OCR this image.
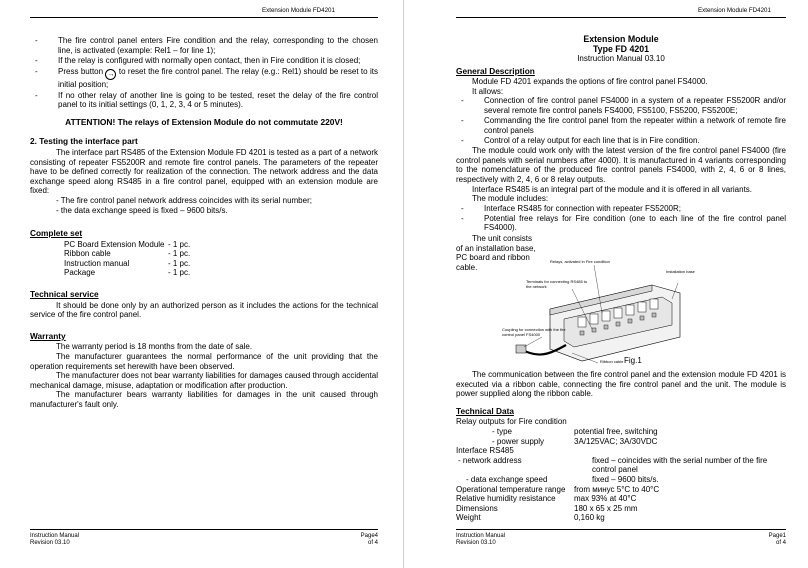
Extension Module FD4201
-	The fire control panel enters Fire condition and the relay, corresponding to the chosen line, is activated (example: Rel1 – for line 1);
-	If the relay is configured with normally open contact, then in Fire condition it is closed;
-	Press button → to reset the fire control panel. The relay (e.g.: Rel1) should be reset to its initial position;
-	If no other relay of another line is going to be tested, reset the delay of the fire control panel to its initial settings (0, 1, 2, 3, 4 or 5 minutes).
ATTENTION! The relays of Extension Module do not commutate 220V!
2. Testing the interface part
The interface part RS485 of the Extension Module FD 4201 is tested as a part of a network consisting of repeater FS5200R and remote fire control panels. The parameters of the repeater have to be defined correctly for realization of the connection. The network address and the data exchange speed along RS485 in a fire control panel, equipped with an extension module are fixed:
- The fire control panel network address coincides with its serial number;
- the data exchange speed is fixed – 9600 bits/s.
Complete set
PC Board Extension Module - 1 pc.
Ribbon cable	- 1 pc.
Instruction manual	- 1 pc.
Package	- 1 pc.
Technical service
It should be done only by an authorized person as it includes the actions for the technical service of the fire control panel.
Warranty
The warranty period is 18 months from the date of sale.
The manufacturer guarantees the normal performance of the unit providing that the operation requirements set herewith have been observed.
The manufacturer does not bear warranty liabilities for damages caused through accidental mechanical damage, misuse, adaptation or modification after production.
The manufacturer bears warranty liabilities for damages in the unit caused through manufacturer's fault only.
Instruction Manual
Revision 03.10
Page4
of 4
Extension Module FD4201
Extension Module
Type FD 4201
Instruction Manual 03.10
General Description
Module FD 4201 expands the options of fire control panel FS4000.
It allows:
-	Connection of fire control panel FS4000 in a system of a repeater FS5200R and/or several remote fire control panels FS4000, FS5100, FS5200, FS5200E;
-	Commanding the fire control panel from the repeater within a network of remote fire control panels
-	Control of a relay output for each line that is in Fire condition.
The module could work only with the latest version of the fire control panel FS4000 (fire control panels with serial numbers after 4000). It is manufactured in 4 variants corresponding to the nomenclature of the produced fire control panels FS4000, with 2, 4, 6 or 8 lines, respectively with 2, 4, 6 or 8 relay outputs.
Interface RS485 is an integral part of the module and it is offered in all variants.
The module includes:
-	Interface RS485 for connection with repeater FS5200R;
-	Potential free relays for Fire condition (one to each line of the fire control panel FS4000).
The unit consists of an installation base, PC board and ribbon cable.
Relays, activated in Fire condition
Terminals for connecting RS485 to the network
Installation base
Coupling for connection with the fire control panel FS4000
Ribbon cable Fig.1
The communication between the fire control panel and the extension module FD 4201 is executed via a ribbon cable, connecting the fire control panel and the unit. The module is power supplied along the ribbon cable.
Technical Data
Relay outputs for Fire condition
- type	potential free, switching
- power supply	3A/125VAC; 3A/30VDC
Interface RS485
- network address	fixed – coincides with the serial number of the fire control panel
- data exchange speed	fixed – 9600 bits/s.
Operational temperature range	from минус 5°C to 40°C
Relative humidity resistance	max 93% at 40°C
Dimensions	180 x 65 x 25 mm
Weight	0,160 kg
Instruction Manual
Revision 03.10
Page1
of 4
